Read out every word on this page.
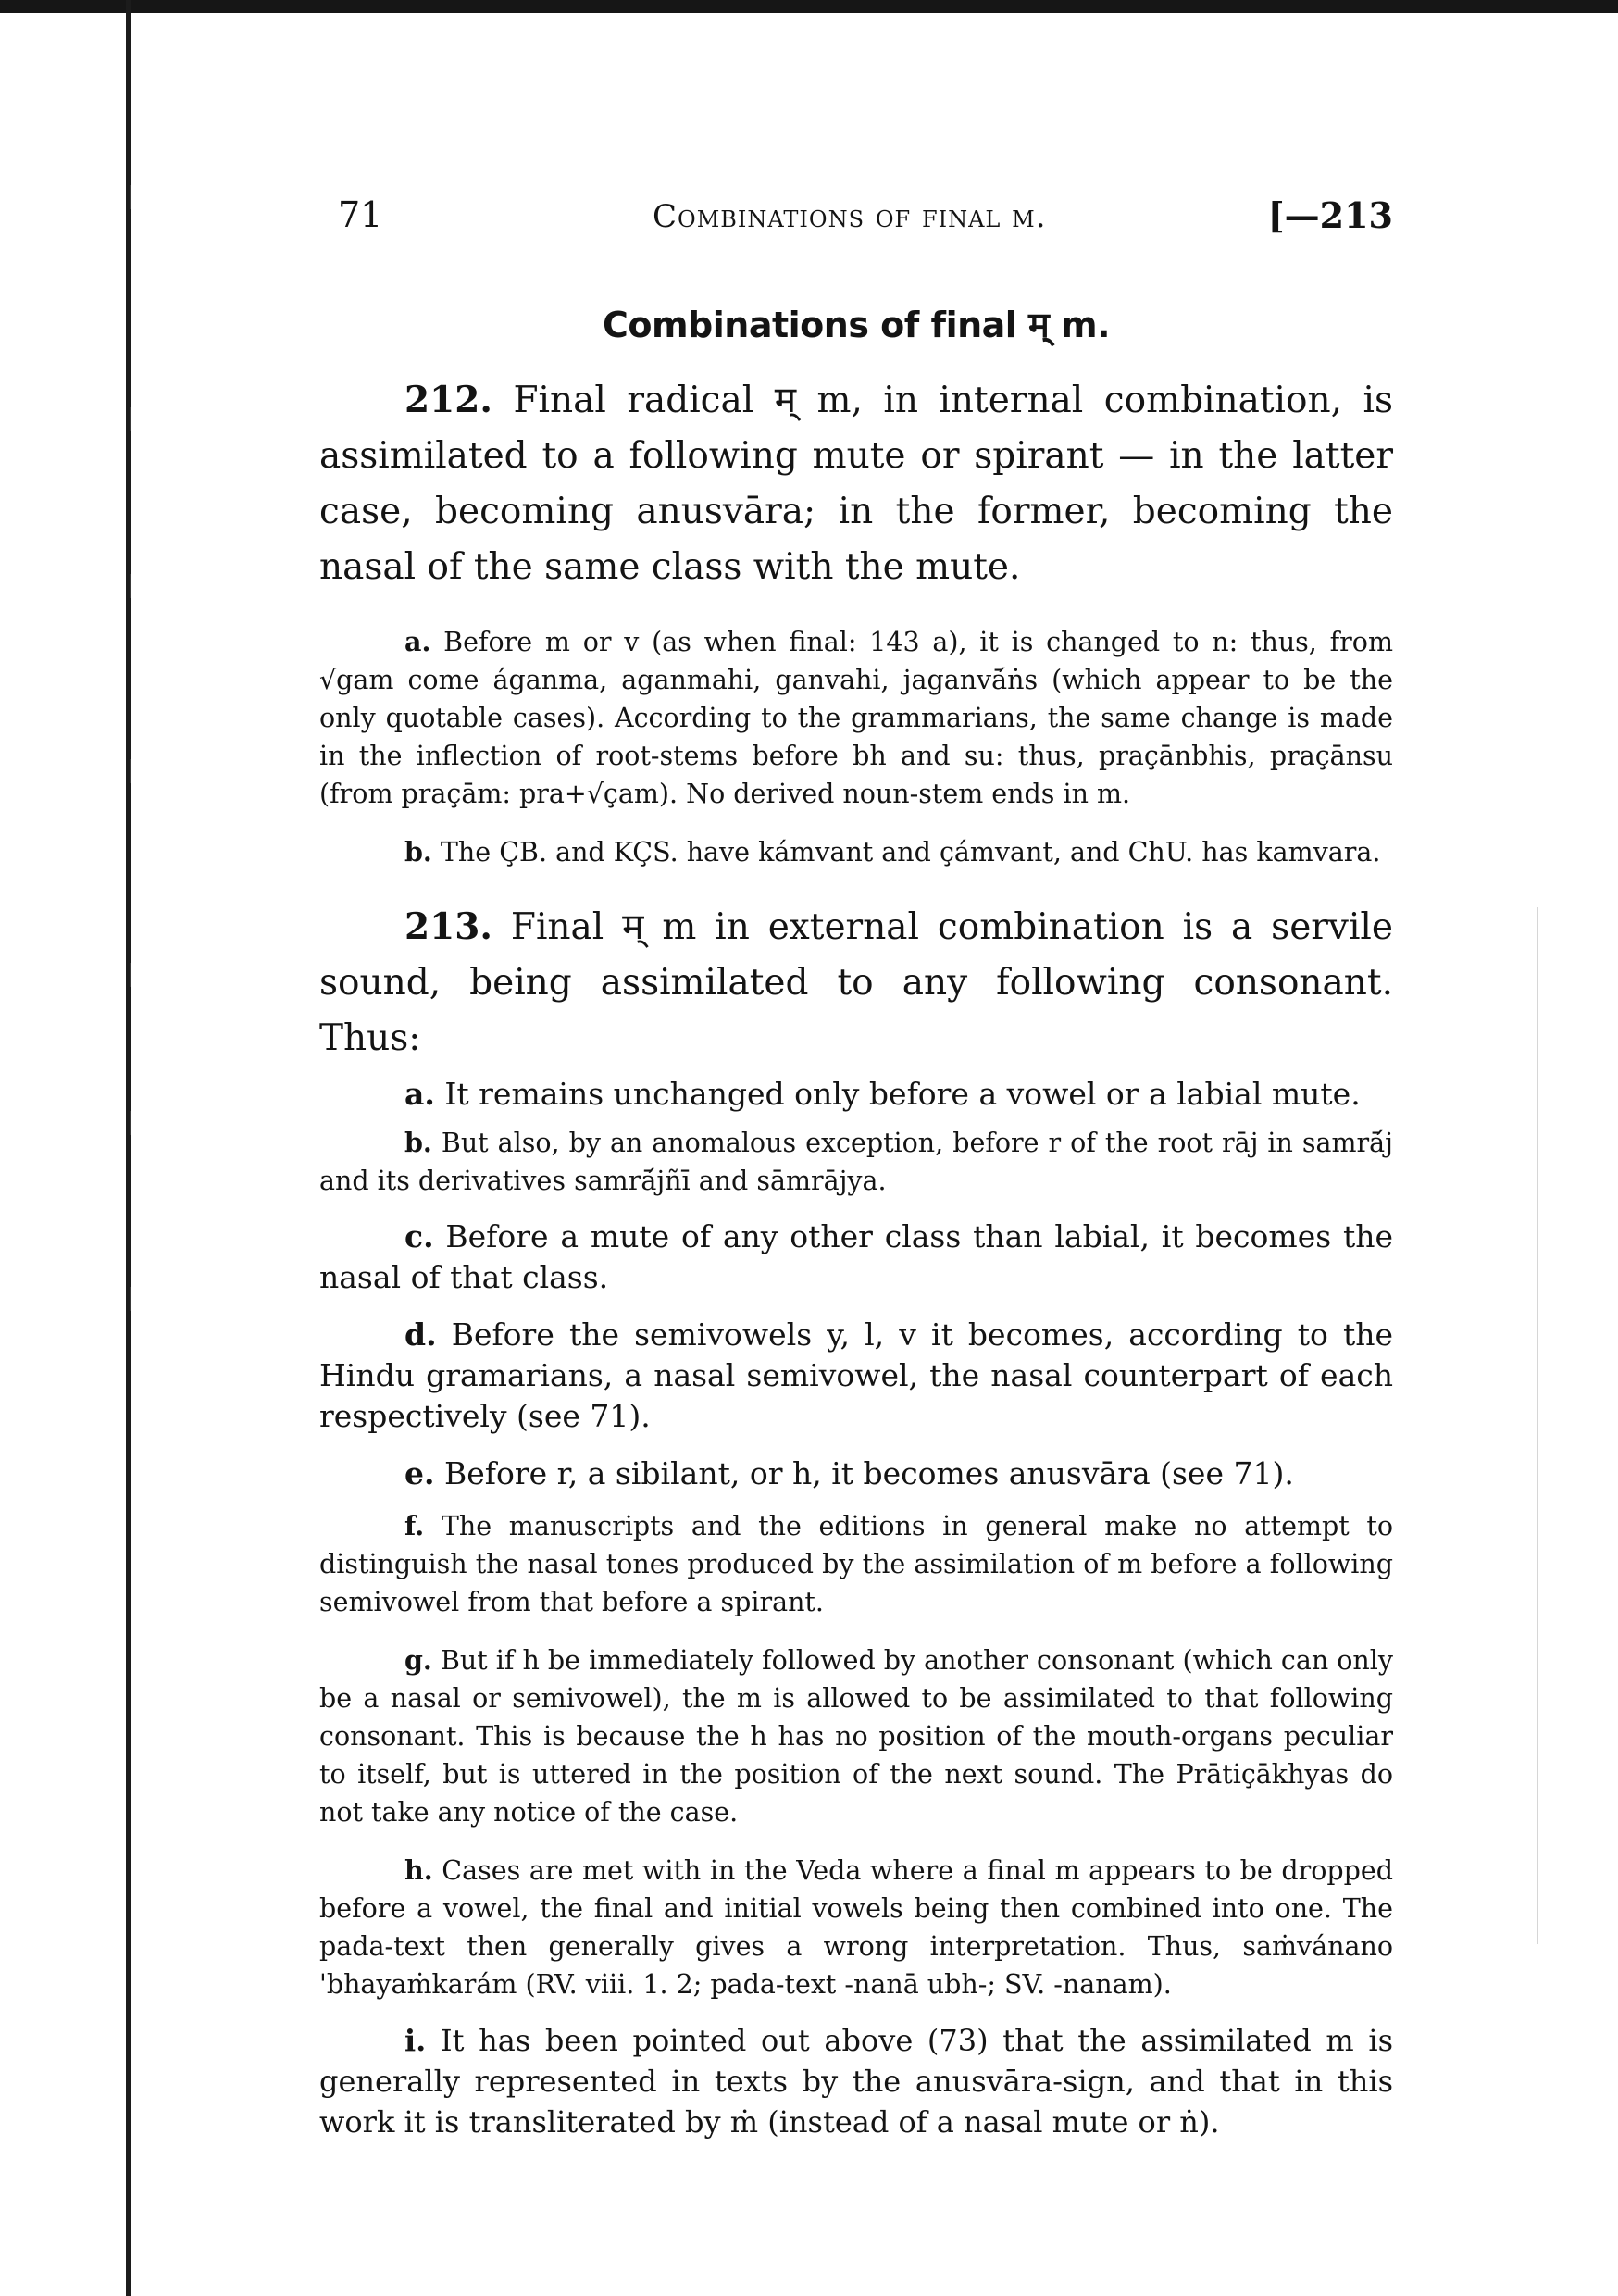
71	Combinations of final m.	[—213
Combinations of final म् m.

212. Final radical म् m, in internal combination, is assimilated to a following mute or spirant — in the latter case, becoming anusvāra; in the former, becoming the nasal of the same class with the mute.

a. Before m or v (as when final: 143 a), it is changed to n: thus, from √gam come áganma, aganmahi, ganvahi, jaganvā́ṅs (which appear to be the only quotable cases). According to the grammarians, the same change is made in the inflection of root-stems before bh and su: thus, praçānbhis, praçānsu (from praçām: pra+√çam). No derived noun-stem ends in m.

b. The ÇB. and KÇS. have kámvant and çámvant, and ChU. has kamvara.

213. Final म् m in external combination is a servile sound, being assimilated to any following consonant. Thus:

a. It remains unchanged only before a vowel or a labial mute.

b. But also, by an anomalous exception, before r of the root rāj in samrā́j and its derivatives samrā́jñī and sāmrājya.

c. Before a mute of any other class than labial, it becomes the nasal of that class.

d. Before the semivowels y, l, v it becomes, according to the Hindu gramarians, a nasal semivowel, the nasal counterpart of each respectively (see 71).

e. Before r, a sibilant, or h, it becomes anusvāra (see 71).

f. The manuscripts and the editions in general make no attempt to distinguish the nasal tones produced by the assimilation of m before a following semivowel from that before a spirant.

g. But if h be immediately followed by another consonant (which can only be a nasal or semivowel), the m is allowed to be assimilated to that following consonant. This is because the h has no position of the mouth-organs peculiar to itself, but is uttered in the position of the next sound. The Prātiçākhyas do not take any notice of the case.

h. Cases are met with in the Veda where a final m appears to be dropped before a vowel, the final and initial vowels being then combined into one. The pada-text then generally gives a wrong interpretation. Thus, saṁvánano 'bhayaṁkarám (RV. viii. 1. 2; pada-text -nanā ubh-; SV. -nanam).

i. It has been pointed out above (73) that the assimilated m is generally represented in texts by the anusvāra-sign, and that in this work it is transliterated by ṁ (instead of a nasal mute or ṅ).
